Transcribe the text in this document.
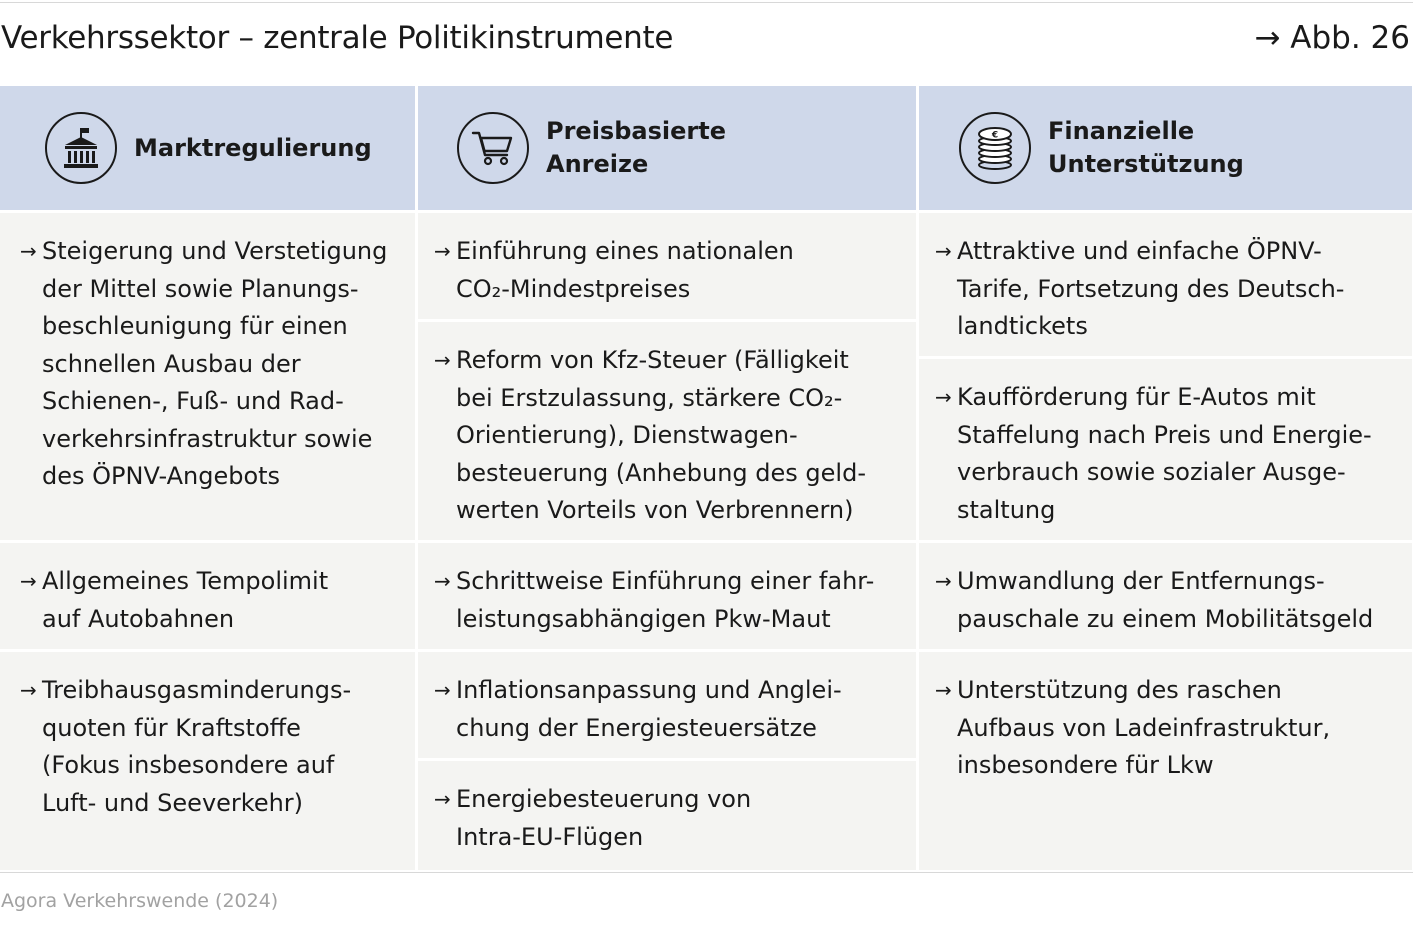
Verkehrssektor – zentrale Politikinstrumente	→ Abb. 26
Marktregulierung
Preisbasierte
Anreize
€ Finanzielle
Unterstützung
→ Steigerung und Verstetigung
der Mittel sowie Planungs-
beschleunigung für einen
schnellen Ausbau der
Schienen-, Fuß- und Rad-
verkehrsinfrastruktur sowie
des ÖPNV-Angebots
→ Allgemeines Tempolimit
auf Autobahnen
→ Treibhausgasminderungs-
quoten für Kraftstoffe
(Fokus insbesondere auf
Luft- und Seeverkehr)
→ Einführung eines nationalen
CO₂-Mindestpreises
→ Reform von Kfz-Steuer (Fälligkeit
bei Erstzulassung, stärkere CO₂-
Orientierung), Dienstwagen-
besteuerung (Anhebung des geld-
werten Vorteils von Verbrennern)
→ Schrittweise Einführung einer fahr-
leistungsabhängigen Pkw-Maut
→ Inflationsanpassung und Anglei-
chung der Energiesteuersätze
→ Energiebesteuerung von
Intra-EU-Flügen
→ Attraktive und einfache ÖPNV-
Tarife, Fortsetzung des Deutsch-
landtickets
→ Kaufförderung für E-Autos mit
Staffelung nach Preis und Energie-
verbrauch sowie sozialer Ausge-
staltung
→ Umwandlung der Entfernungs-
pauschale zu einem Mobilitätsgeld
→ Unterstützung des raschen
Aufbaus von Ladeinfrastruktur,
insbesondere für Lkw
Agora Verkehrswende (2024)
